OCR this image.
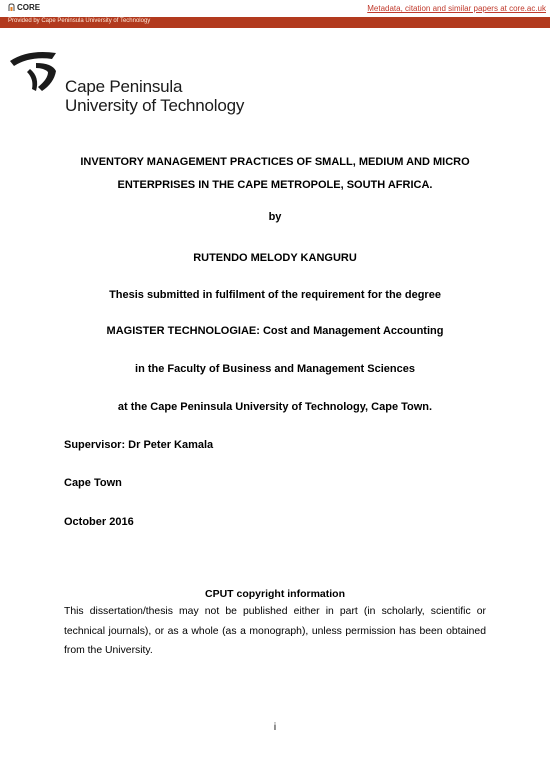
CORE	Metadata, citation and similar papers at core.ac.uk
Provided by Cape Peninsula University of Technology
Cape Peninsula
University of Technology
INVENTORY MANAGEMENT PRACTICES OF SMALL, MEDIUM AND MICRO
ENTERPRISES IN THE CAPE METROPOLE, SOUTH AFRICA.
by
RUTENDO MELODY KANGURU
Thesis submitted in fulfilment of the requirement for the degree
MAGISTER TECHNOLOGIAE: Cost and Management Accounting
in the Faculty of Business and Management Sciences
at the Cape Peninsula University of Technology, Cape Town.
Supervisor: Dr Peter Kamala
Cape Town
October 2016
CPUT copyright information
This dissertation/thesis may not be published either in part (in scholarly, scientific or
technical journals), or as a whole (as a monograph), unless permission has been obtained
from the University.
i
